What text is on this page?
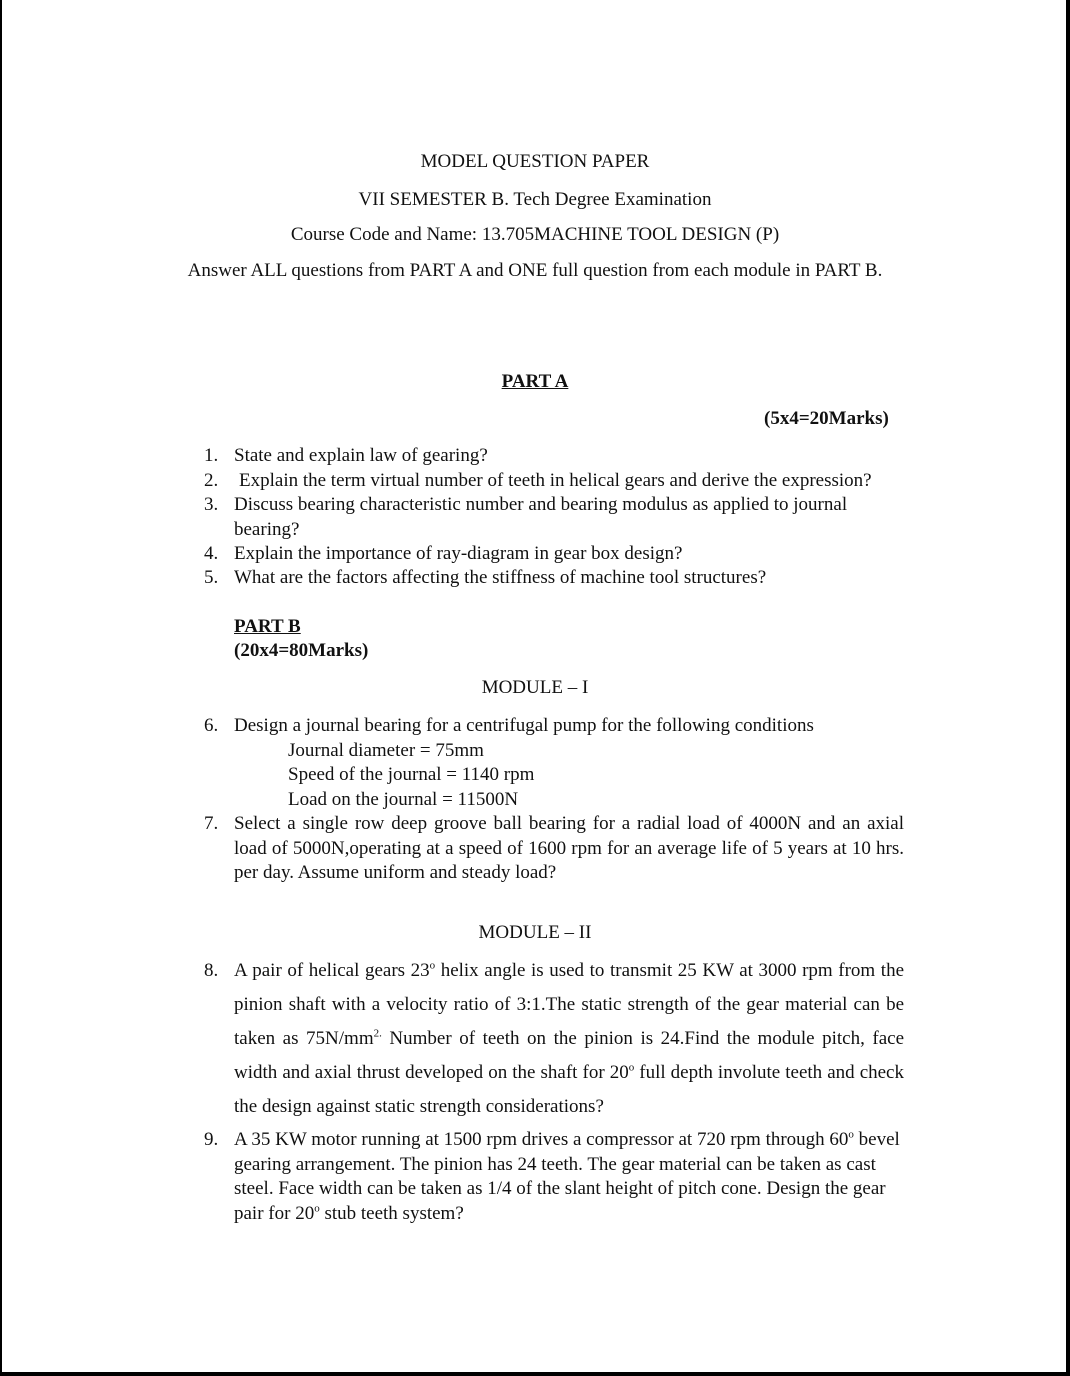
MODEL QUESTION PAPER
VII SEMESTER B. Tech Degree Examination
Course Code and Name: 13.705MACHINE TOOL DESIGN (P)
Answer ALL questions from PART A and ONE full question from each module in PART B.
PART A
(5x4=20Marks)
1. State and explain law of gearing?
2. Explain the term virtual number of teeth in helical gears and derive the expression?
3. Discuss bearing characteristic number and bearing modulus as applied to journal bearing?
4. Explain the importance of ray-diagram in gear box design?
5. What are the factors affecting the stiffness of machine tool structures?
PART B
(20x4=80Marks)
MODULE – I
6. Design a journal bearing for a centrifugal pump for the following conditions
Journal diameter = 75mm
Speed of the journal = 1140 rpm
Load on the journal = 11500N
7. Select a single row deep groove ball bearing for a radial load of 4000N and an axial load of 5000N,operating at a speed of 1600 rpm for an average life of 5 years at 10 hrs. per day. Assume uniform and steady load?
MODULE – II
8. A pair of helical gears 23$^o$ helix angle is used to transmit 25 KW at 3000 rpm from the pinion shaft with a velocity ratio of 3:1.The static strength of the gear material can be taken as $75N/mm^{2.}$ Number of teeth on the pinion is 24.Find the module pitch, face width and axial thrust developed on the shaft for 20$^o$ full depth involute teeth and check the design against static strength considerations?
9. A 35 KW motor running at 1500 rpm drives a compressor at 720 rpm through 60$^o$ bevel gearing arrangement. The pinion has 24 teeth. The gear material can be taken as cast steel. Face width can be taken as 1/4 of the slant height of pitch cone. Design the gear pair for 20$^o$ stub teeth system?
